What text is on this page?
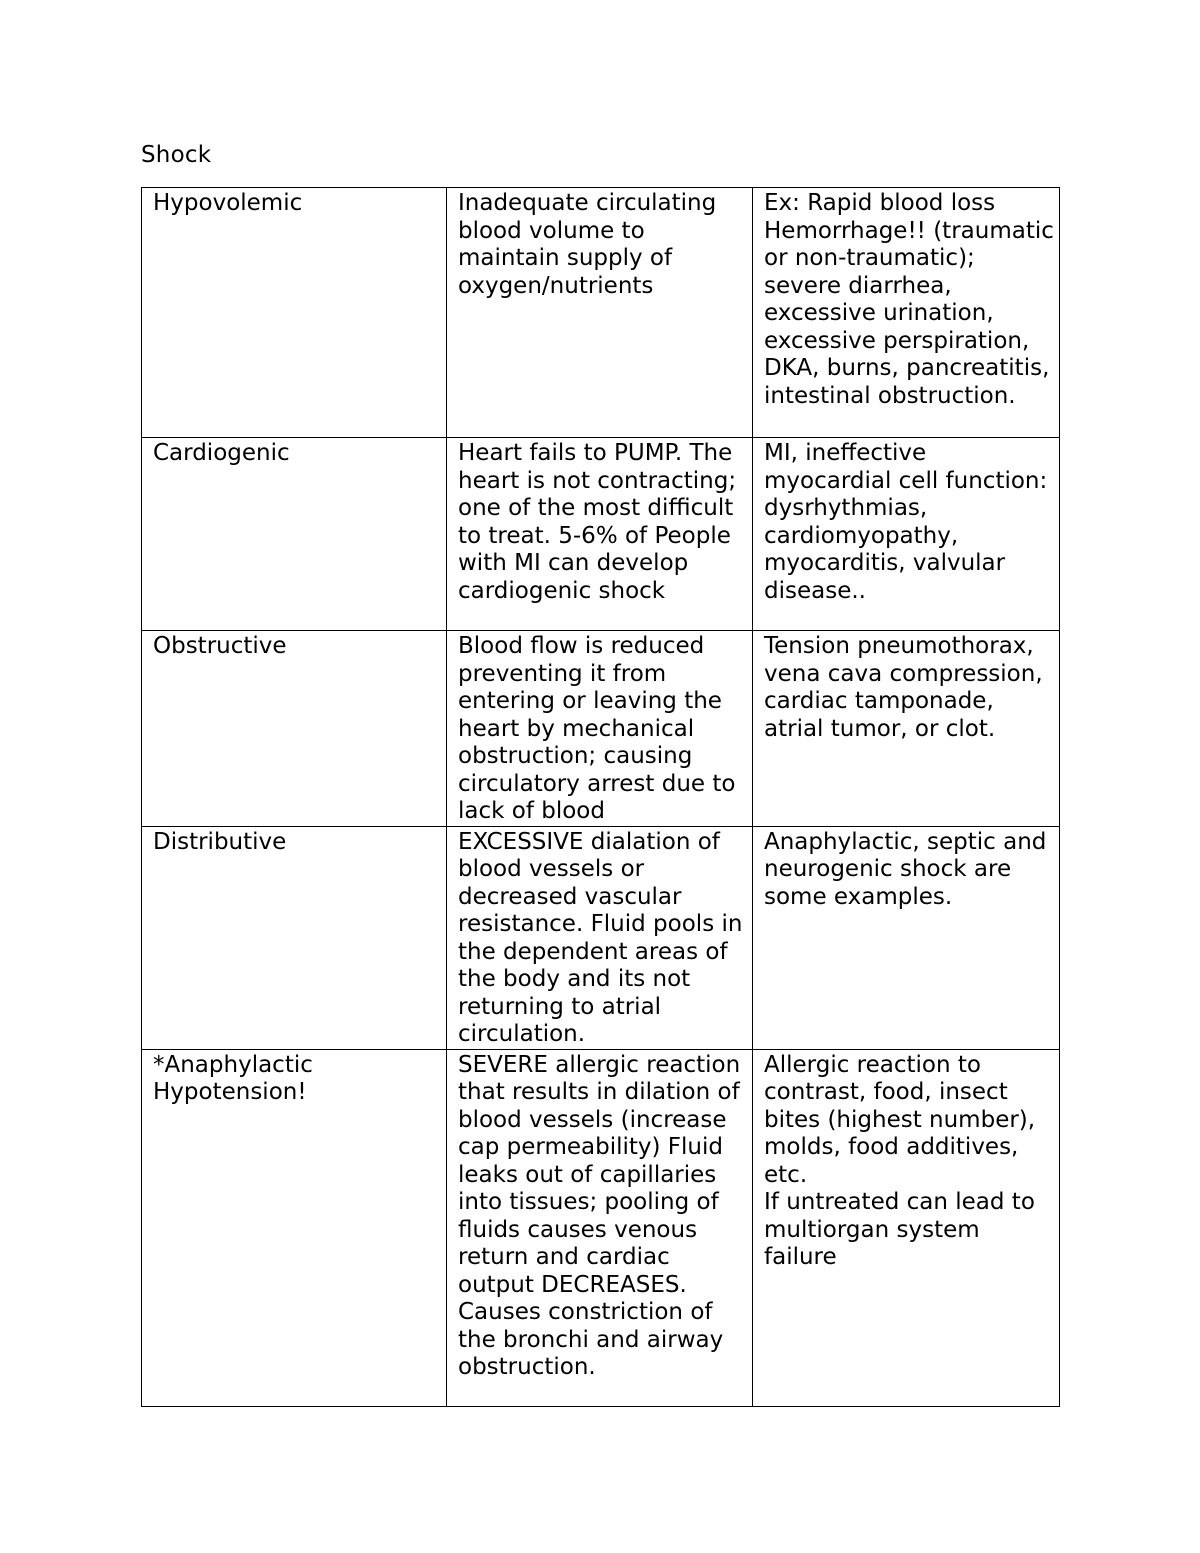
Shock
Hypovolemic	Inadequate circulating blood volume to maintain supply of oxygen/nutrients	Ex: Rapid blood loss Hemorrhage!! (traumatic or non-traumatic); severe diarrhea, excessive urination, excessive perspiration, DKA, burns, pancreatitis, intestinal obstruction.
Cardiogenic	Heart fails to PUMP. The heart is not contracting; one of the most difficult to treat. 5-6% of People with MI can develop cardiogenic shock	MI, ineffective myocardial cell function: dysrhythmias, cardiomyopathy, myocarditis, valvular disease..
Obstructive	Blood flow is reduced preventing it from entering or leaving the heart by mechanical obstruction; causing circulatory arrest due to lack of blood	Tension pneumothorax, vena cava compression, cardiac tamponade, atrial tumor, or clot.
Distributive	EXCESSIVE dialation of blood vessels or decreased vascular resistance. Fluid pools in the dependent areas of the body and its not returning to atrial circulation.	Anaphylactic, septic and neurogenic shock are some examples.
*Anaphylactic
Hypotension!	SEVERE allergic reaction that results in dilation of blood vessels (increase cap permeability) Fluid leaks out of capillaries into tissues; pooling of fluids causes venous return and cardiac output DECREASES. Causes constriction of the bronchi and airway obstruction.	Allergic reaction to contrast, food, insect bites (highest number), molds, food additives, etc.
If untreated can lead to multiorgan system failure
